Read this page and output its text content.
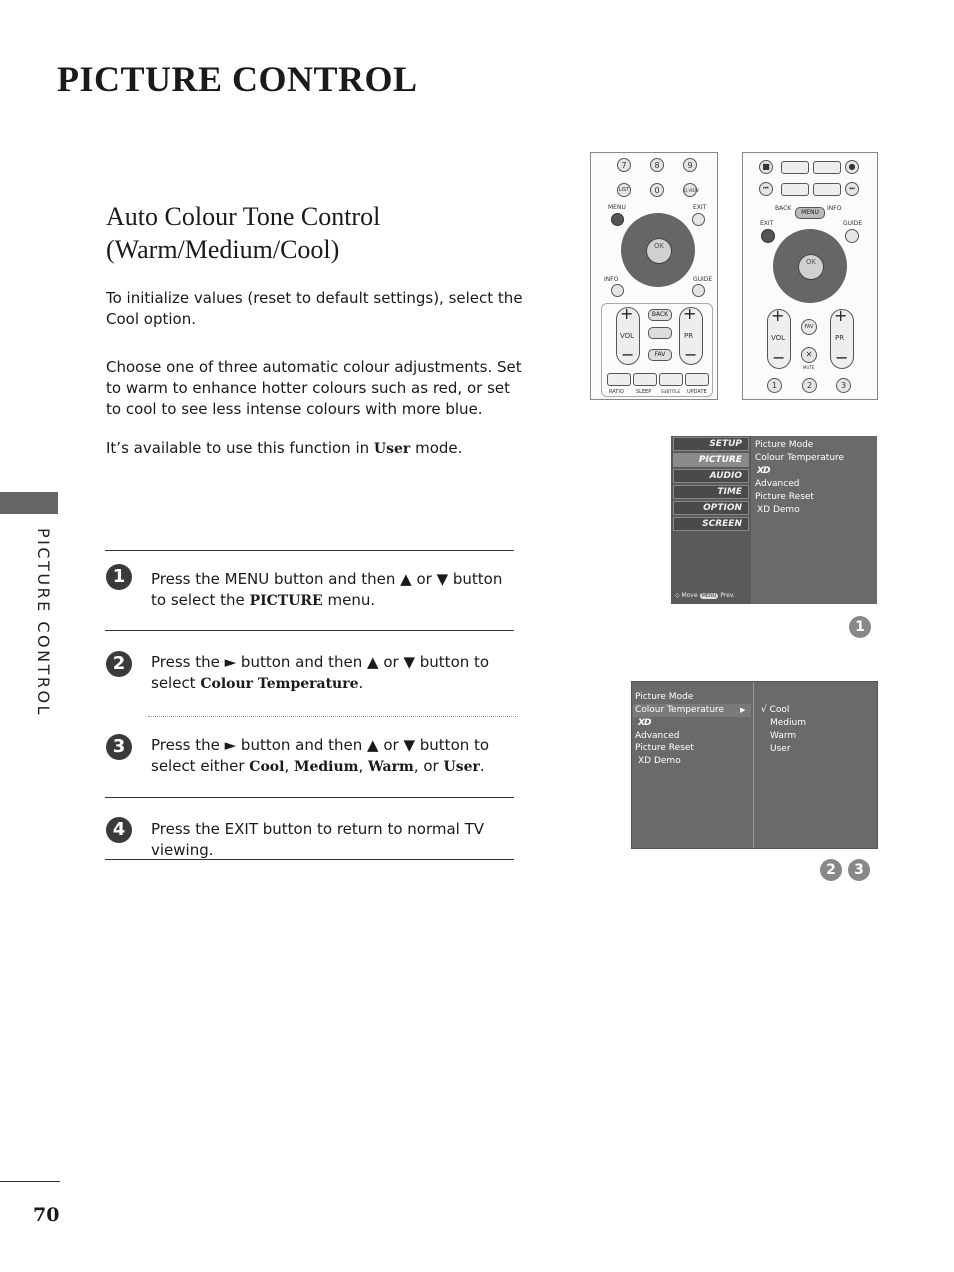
PICTURE CONTROL
PICTURE CONTROL
Auto Colour Tone Control
(Warm/Medium/Cool)

To initialize values (reset to default settings), select the Cool option.

Choose one of three automatic colour adjustments. Set to warm to enhance hotter colours such as red, or set to cool to see less intense colours with more blue.

It’s available to use this function in User mode.

1	Press the MENU button and then ▲ or ▼ button to select the PICTURE menu.
2	Press the ► button and then ▲ or ▼ button to select Colour Temperature.
3	Press the ► button and then ▲ or ▼ button to select either Cool, Medium, Warm, or User.
4	Press the EXIT button to return to normal TV viewing.
7	8	9
LIST	0	Q.VIEW
MENU	EXIT
OK
INFO	GUIDE
+
VOL
−
+
PR
−
BACK
FAV
RATIO SLEEP SUBTITLE UPDATE
■	●
⏮	⏭
BACK
MENU
INFO
EXIT	GUIDE
OK
+
VOL
−
+
PR
−
FAV
✕
MUTE
1	2	3
SETUP
PICTURE
AUDIO
TIME
OPTION
SCREEN
◇ Move MENU Prev.
Picture Mode
Colour Temperature
XD
Advanced
Picture Reset
XD Demo
1
Picture Mode
Colour Temperature ▶
XD
Advanced
Picture Reset
XD Demo
√ Cool
Medium
Warm
User
2	3
70
